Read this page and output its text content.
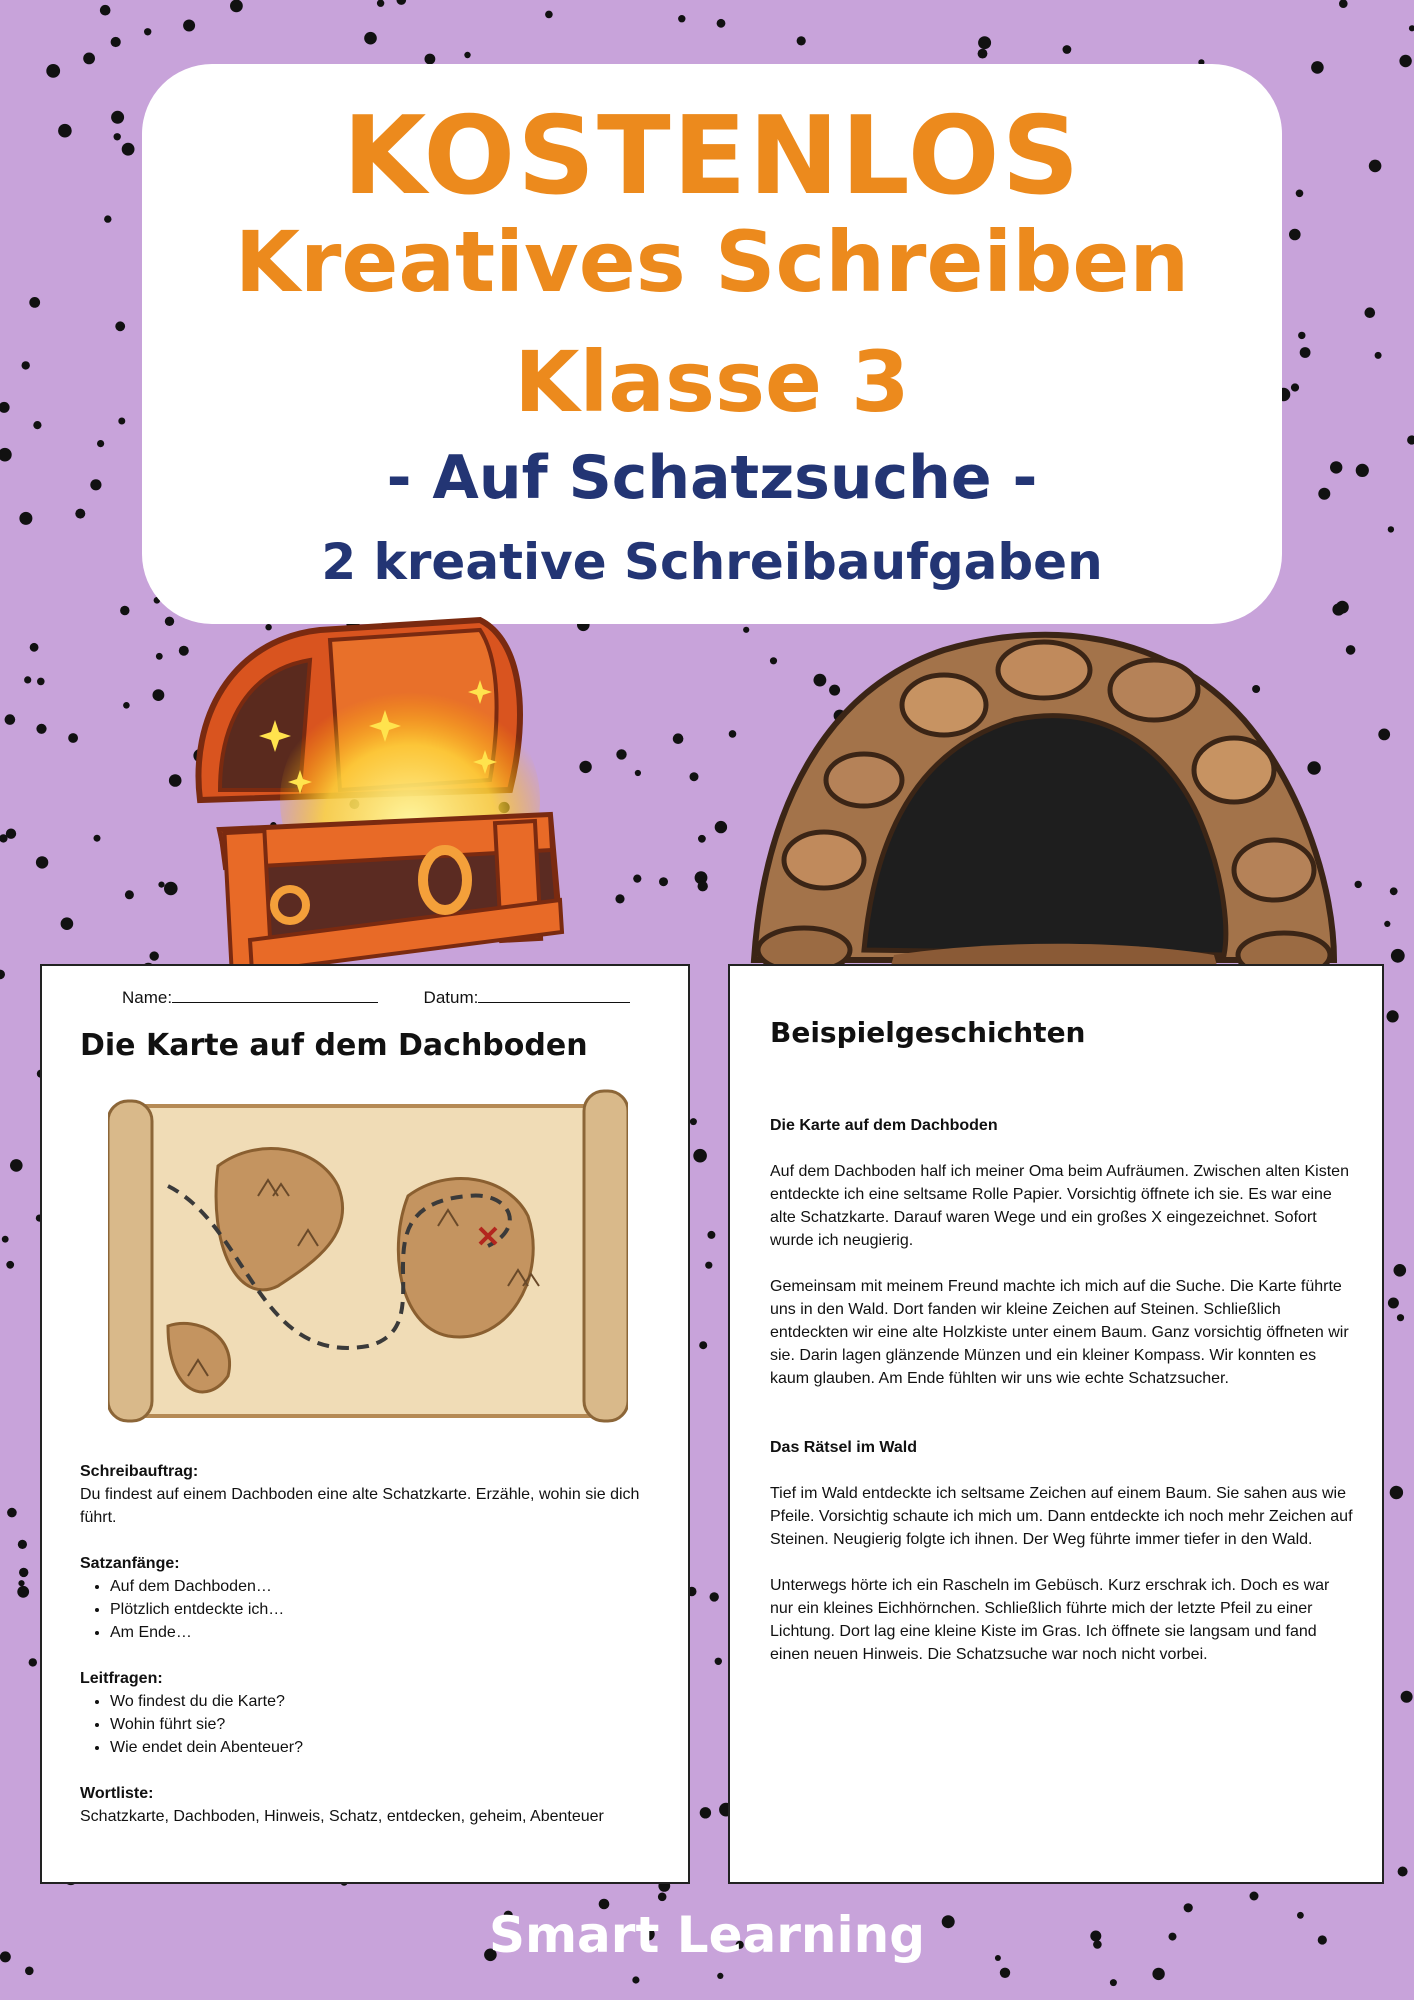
KOSTENLOS
Kreatives Schreiben
Klasse 3
- Auf Schatzsuche -
2 kreative Schreibaufgaben
Name:	Datum:
Die Karte auf dem Dachboden
Schreibauftrag:

Du findest auf einem Dachboden eine alte Schatzkarte. Erzähle, wohin sie dich führt.

Satzanfänge:
• Auf dem Dachboden…
• Plötzlich entdeckte ich…
• Am Ende…
Leitfragen:
• Wo findest du die Karte?
• Wohin führt sie?
• Wie endet dein Abenteuer?
Wortliste:

Schatzkarte, Dachboden, Hinweis, Schatz, entdecken, geheim, Abenteuer

Beispielgeschichten
Die Karte auf dem Dachboden

Auf dem Dachboden half ich meiner Oma beim Aufräumen. Zwischen alten Kisten entdeckte ich eine seltsame Rolle Papier. Vorsichtig öffnete ich sie. Es war eine alte Schatzkarte. Darauf waren Wege und ein großes X eingezeichnet. Sofort wurde ich neugierig.

Gemeinsam mit meinem Freund machte ich mich auf die Suche. Die Karte führte uns in den Wald. Dort fanden wir kleine Zeichen auf Steinen. Schließlich entdeckten wir eine alte Holzkiste unter einem Baum. Ganz vorsichtig öffneten wir sie. Darin lagen glänzende Münzen und ein kleiner Kompass. Wir konnten es kaum glauben. Am Ende fühlten wir uns wie echte Schatzsucher.

Das Rätsel im Wald

Tief im Wald entdeckte ich seltsame Zeichen auf einem Baum. Sie sahen aus wie Pfeile. Vorsichtig schaute ich mich um. Dann entdeckte ich noch mehr Zeichen auf Steinen. Neugierig folgte ich ihnen. Der Weg führte immer tiefer in den Wald.

Unterwegs hörte ich ein Rascheln im Gebüsch. Kurz erschrak ich. Doch es war nur ein kleines Eichhörnchen. Schließlich führte mich der letzte Pfeil zu einer Lichtung. Dort lag eine kleine Kiste im Gras. Ich öffnete sie langsam und fand einen neuen Hinweis. Die Schatzsuche war noch nicht vorbei.

Smart Learning
